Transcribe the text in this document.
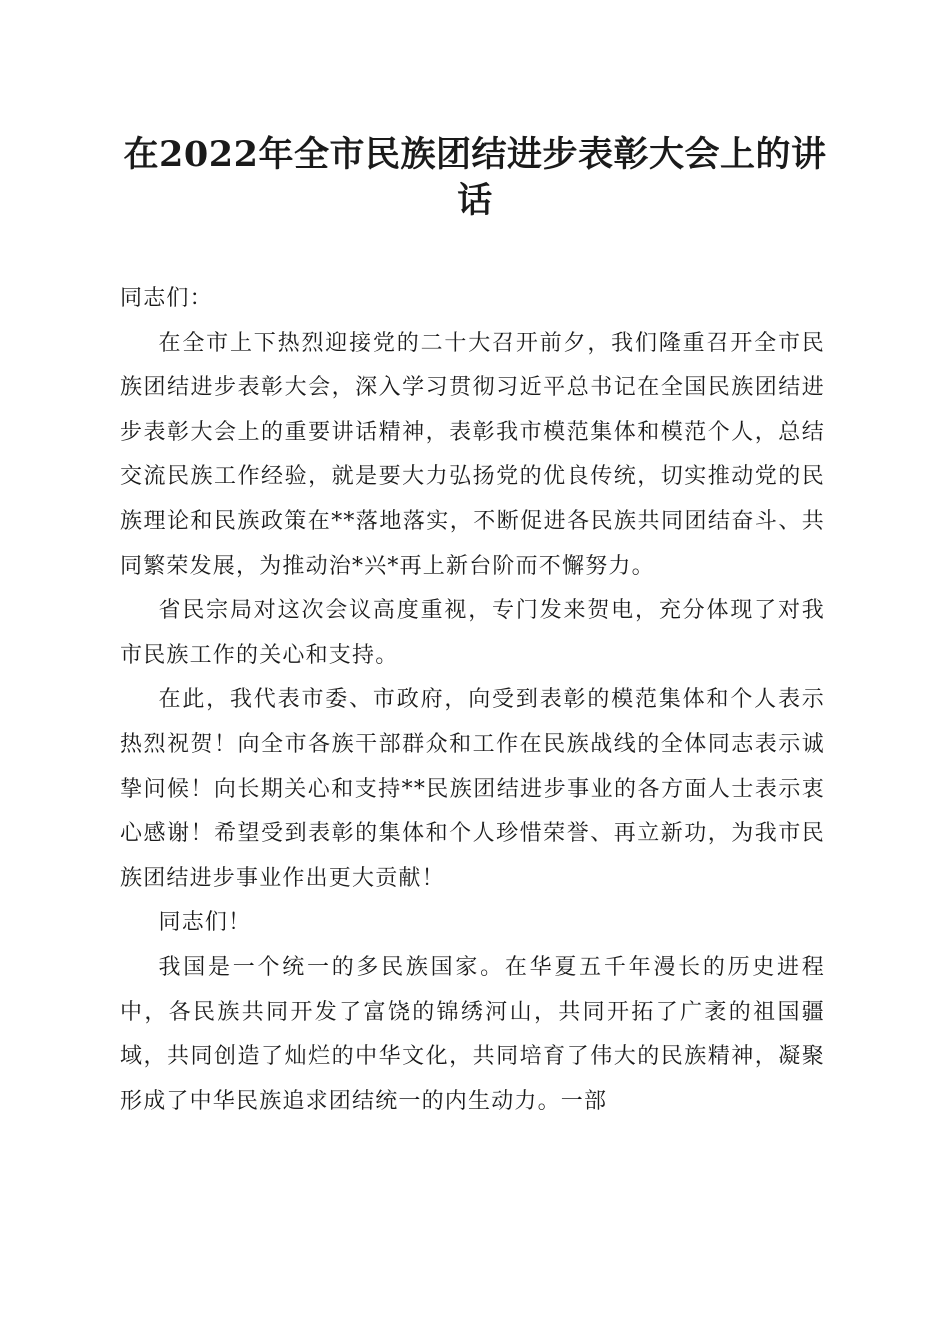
在2022年全市民族团结进步表彰大会上的讲话

同志们：

在全市上下热烈迎接党的二十大召开前夕，我们隆重召开全市民族团结进步表彰大会，深入学习贯彻习近平总书记在全国民族团结进步表彰大会上的重要讲话精神，表彰我市模范集体和模范个人，总结交流民族工作经验，就是要大力弘扬党的优良传统，切实推动党的民族理论和民族政策在**落地落实，不断促进各民族共同团结奋斗、共同繁荣发展，为推动治*兴*再上新台阶而不懈努力。

省民宗局对这次会议高度重视，专门发来贺电，充分体现了对我市民族工作的关心和支持。

在此，我代表市委、市政府，向受到表彰的模范集体和个人表示热烈祝贺！向全市各族干部群众和工作在民族战线的全体同志表示诚挚问候！向长期关心和支持**民族团结进步事业的各方面人士表示衷心感谢！希望受到表彰的集体和个人珍惜荣誉、再立新功，为我市民族团结进步事业作出更大贡献！

同志们！

我国是一个统一的多民族国家。在华夏五千年漫长的历史进程中，各民族共同开发了富饶的锦绣河山，共同开拓了广袤的祖国疆域，共同创造了灿烂的中华文化，共同培育了伟大的民族精神，凝聚形成了中华民族追求团结统一的内生动力。一部
